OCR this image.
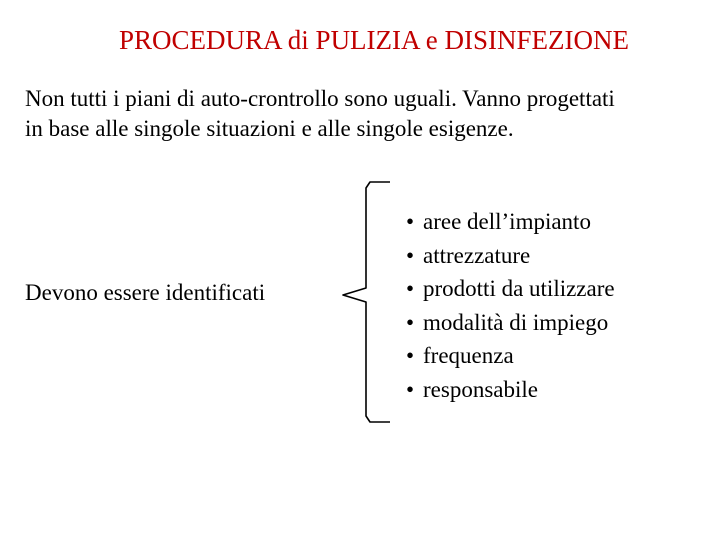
PROCEDURA di PULIZIA e DISINFEZIONE
Non tutti i piani di auto-crontrollo sono uguali. Vanno progettati
in base alle singole situazioni e alle singole esigenze.
Devono essere identificati
• aree dell’impianto
• attrezzature
• prodotti da utilizzare
• modalità di impiego
• frequenza
• responsabile
